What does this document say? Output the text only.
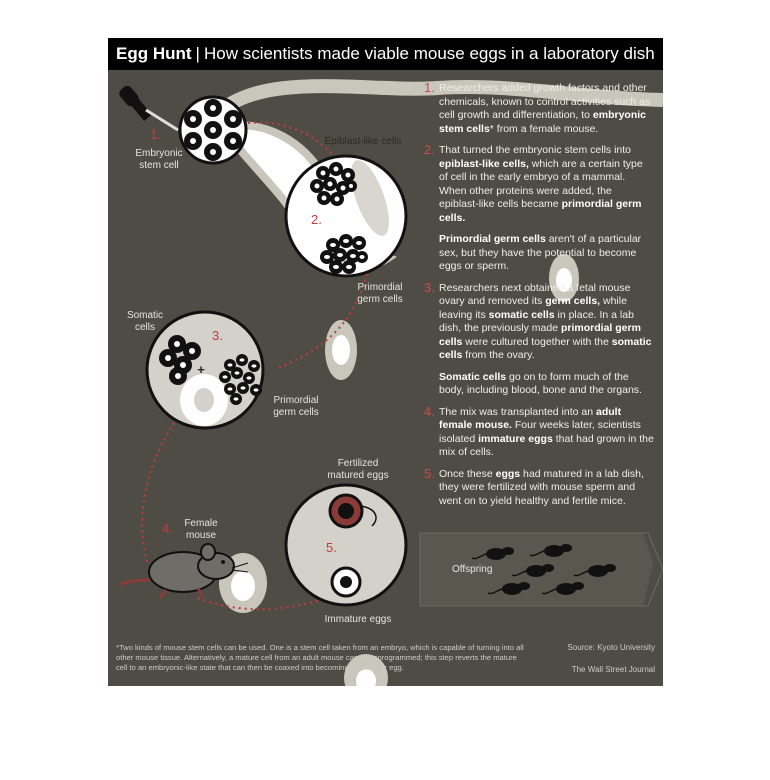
Egg Hunt | How scientists made viable mouse eggs in a laboratory dish
Embryonic stem cell
Epiblast-like cells
Primordial germ cells
Somatic cells
Primordial germ cells
Fertilized matured eggs
Female mouse
Immature eggs
+
Offspring
1.
2.
3.
4.
5.
1. Researchers added growth factors and other chemicals, known to control activities such as cell growth and differentiation, to embryonic stem cells* from a female mouse.
2. That turned the embryonic stem cells into epiblast-like cells, which are a certain type of cell in the early embryo of a mammal. When other proteins were added, the epiblast-like cells became primordial germ cells.
Primordial germ cells aren't of a particular sex, but they have the potential to become eggs or sperm.
3. Researchers next obtained a fetal mouse ovary and removed its germ cells, while leaving its somatic cells in place. In a lab dish, the previously made primordial germ cells were cultured together with the somatic cells from the ovary.
Somatic cells go on to form much of the body, including blood, bone and the organs.
4. The mix was transplanted into an adult female mouse. Four weeks later, scientists isolated immature eggs that had grown in the mix of cells.
5. Once these eggs had matured in a lab dish, they were fertilized with mouse sperm and went on to yield healthy and fertile mice.
*Two kinds of mouse stem cells can be used. One is a stem cell taken from an embryo, which is capable of turning into all other mouse tissue. Alternatively, a mature cell from an adult mouse can be reprogrammed; this step reverts the mature cell to an embryonic-like state that can then be coaxed into becoming a sperm or egg.
Source: Kyoto University
The Wall Street Journal
